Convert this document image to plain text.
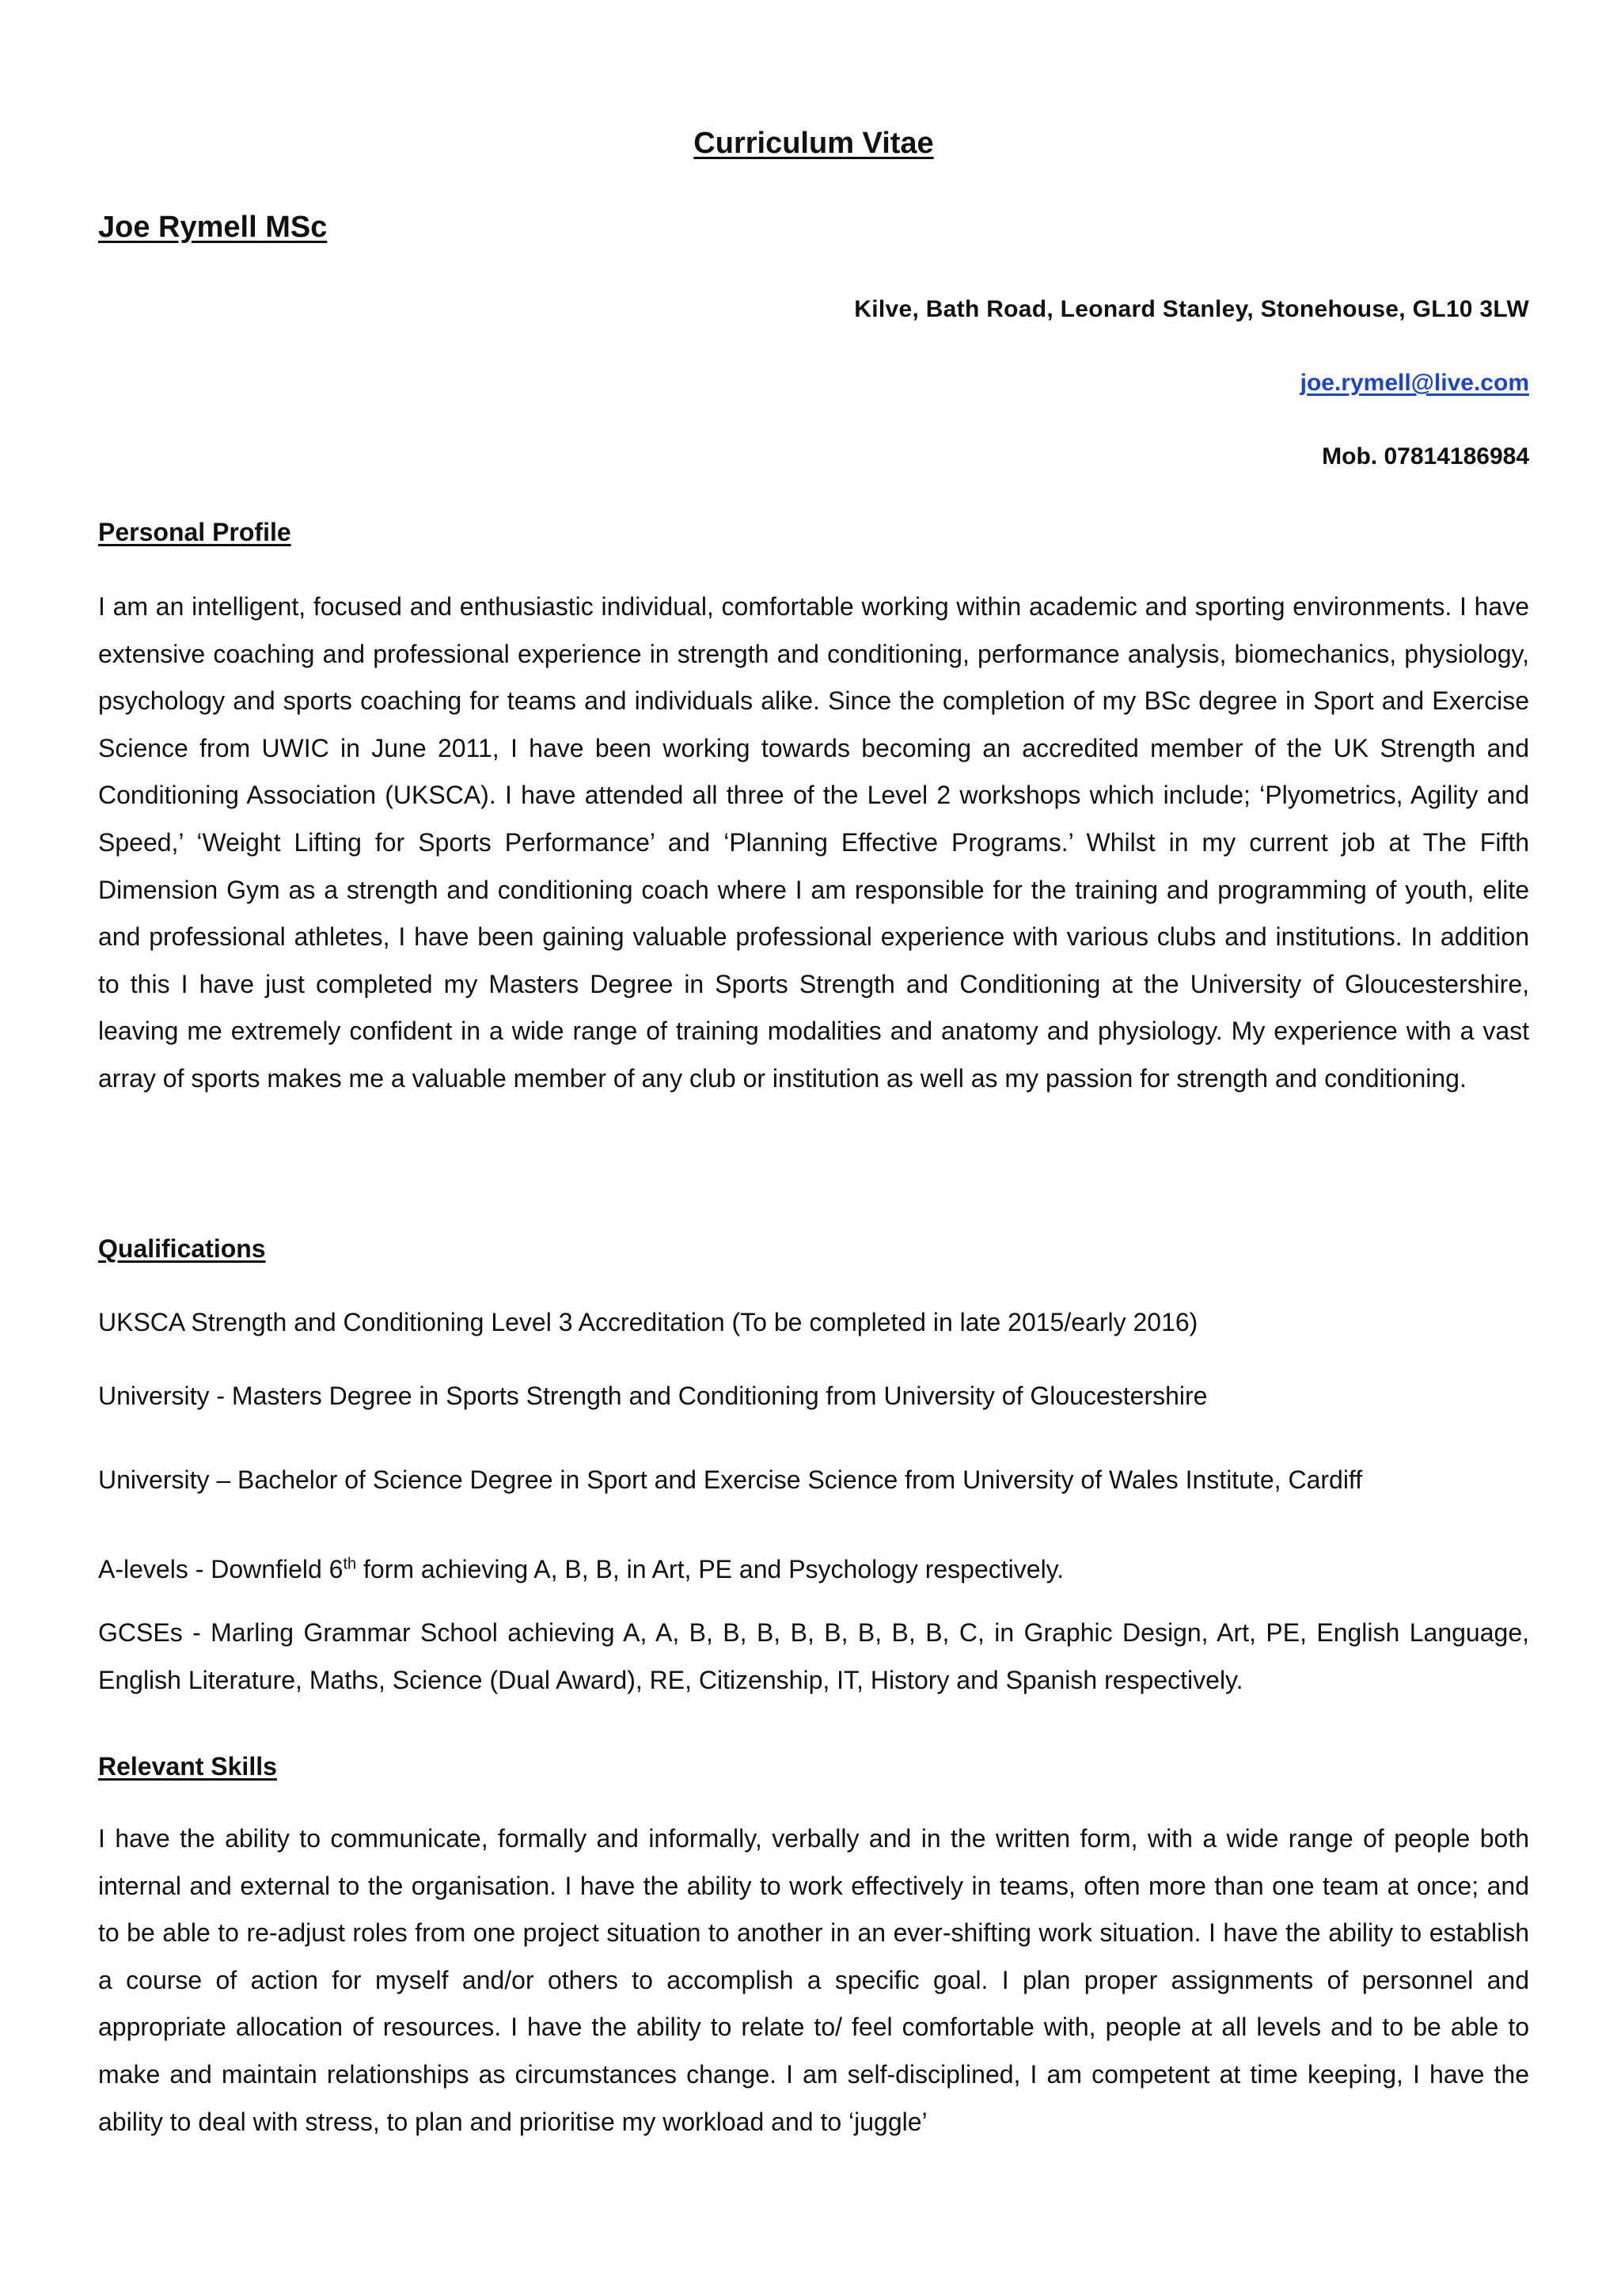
Curriculum Vitae
Joe Rymell MSc

Kilve, Bath Road, Leonard Stanley, Stonehouse, GL10 3LW

joe.rymell@live.com

Mob. 07814186984

Personal Profile

I am an intelligent, focused and enthusiastic individual, comfortable working within academic and sporting environments. I have extensive coaching and professional experience in strength and conditioning, performance analysis, biomechanics, physiology, psychology and sports coaching for teams and individuals alike. Since the completion of my BSc degree in Sport and Exercise Science from UWIC in June 2011, I have been working towards becoming an accredited member of the UK Strength and Conditioning Association (UKSCA). I have attended all three of the Level 2 workshops which include; ‘Plyometrics, Agility and Speed,’ ‘Weight Lifting for Sports Performance’ and ‘Planning Effective Programs.’ Whilst in my current job at The Fifth Dimension Gym as a strength and conditioning coach where I am responsible for the training and programming of youth, elite and professional athletes, I have been gaining valuable professional experience with various clubs and institutions. In addition to this I have just completed my Masters Degree in Sports Strength and Conditioning at the University of Gloucestershire, leaving me extremely confident in a wide range of training modalities and anatomy and physiology. My experience with a vast array of sports makes me a valuable member of any club or institution as well as my passion for strength and conditioning.

Qualifications

UKSCA Strength and Conditioning Level 3 Accreditation (To be completed in late 2015/early 2016)

University - Masters Degree in Sports Strength and Conditioning from University of Gloucestershire

University – Bachelor of Science Degree in Sport and Exercise Science from University of Wales Institute, Cardiff

A-levels - Downfield 6th form achieving A, B, B, in Art, PE and Psychology respectively.

GCSEs - Marling Grammar School achieving A, A, B, B, B, B, B, B, B, B, C, in Graphic Design, Art, PE, English Language, English Literature, Maths, Science (Dual Award), RE, Citizenship, IT, History and Spanish respectively.

Relevant Skills

I have the ability to communicate, formally and informally, verbally and in the written form, with a wide range of people both internal and external to the organisation. I have the ability to work effectively in teams, often more than one team at once; and to be able to re-adjust roles from one project situation to another in an ever-shifting work situation. I have the ability to establish a course of action for myself and/or others to accomplish a specific goal. I plan proper assignments of personnel and appropriate allocation of resources. I have the ability to relate to/ feel comfortable with, people at all levels and to be able to make and maintain relationships as circumstances change. I am self-disciplined, I am competent at time keeping, I have the ability to deal with stress, to plan and prioritise my workload and to ‘juggle’
